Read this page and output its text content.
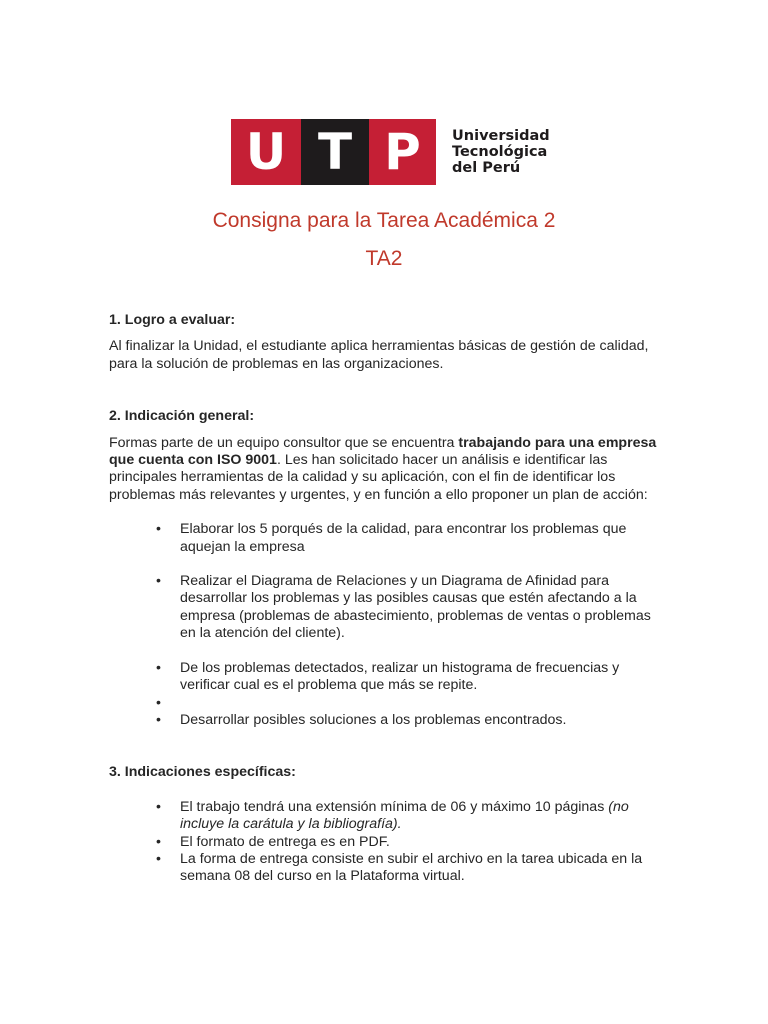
U T P	Universidad
Tecnológica
del Perú
Consigna para la Tarea Académica 2
TA2

1. Logro a evaluar:

Al finalizar la Unidad, el estudiante aplica herramientas básicas de gestión de calidad, para la solución de problemas en las organizaciones.

2. Indicación general:

Formas parte de un equipo consultor que se encuentra trabajando para una empresa que cuenta con ISO 9001. Les han solicitado hacer un análisis e identificar las principales herramientas de la calidad y su aplicación, con el fin de identificar los problemas más relevantes y urgentes, y en función a ello proponer un plan de acción:

• Elaborar los 5 porqués de la calidad, para encontrar los problemas que aquejan la empresa
• Realizar el Diagrama de Relaciones y un Diagrama de Afinidad para desarrollar los problemas y las posibles causas que estén afectando a la empresa (problemas de abastecimiento, problemas de ventas o problemas en la atención del cliente).
• De los problemas detectados, realizar un histograma de frecuencias y verificar cual es el problema que más se repite.
•

• Desarrollar posibles soluciones a los problemas encontrados.

3. Indicaciones específicas:

• El trabajo tendrá una extensión mínima de 06 y máximo 10 páginas (no incluye la carátula y la bibliografía).
• El formato de entrega es en PDF.
• La forma de entrega consiste en subir el archivo en la tarea ubicada en la semana 08 del curso en la Plataforma virtual.
